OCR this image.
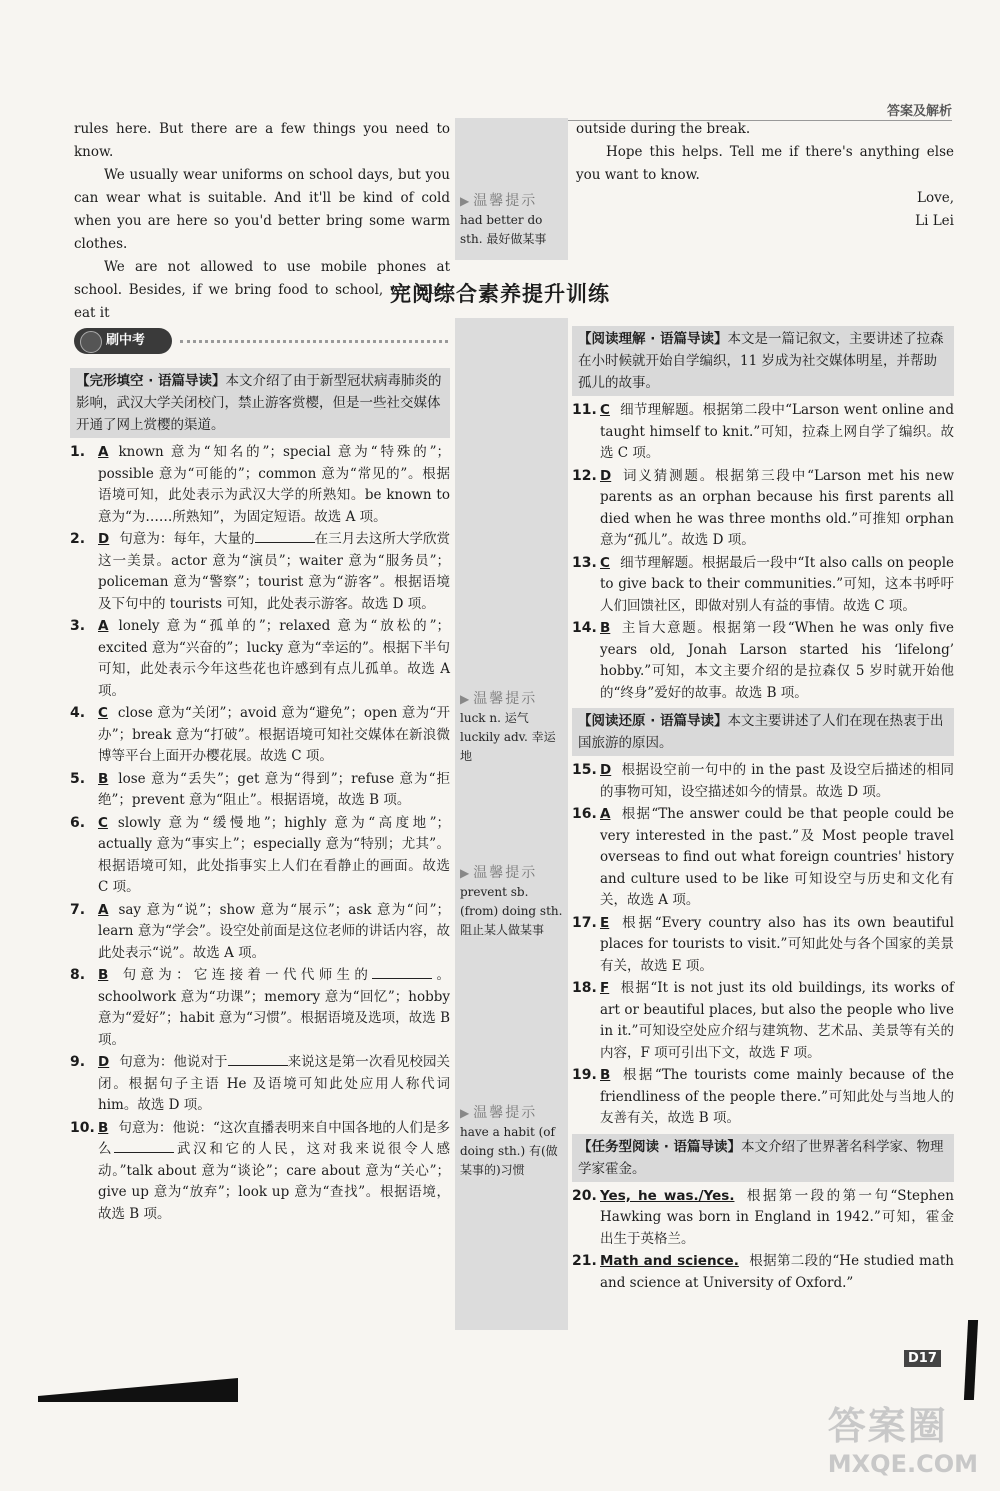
答案及解析

rules here. But there are a few things you need to know.

We usually wear uniforms on school days, but you can wear what is suitable. And it'll be kind of cold when you are here so you'd better bring some warm clothes.

We are not allowed to use mobile phones at school. Besides, if we bring food to school, we must eat it

▶ 温馨提示
had better do sth. 最好做某事

outside during the break.

Hope this helps. Tell me if there's anything else you want to know.

Love,

Li Lei

完阅综合素养提升训练
刷中考
【完形填空 · 语篇导读】本文介绍了由于新型冠状病毒肺炎的影响，武汉大学关闭校门，禁止游客赏樱，但是一些社交媒体开通了网上赏樱的渠道。
1. A known 意为“知名的”；special 意为“特殊的”；possible 意为“可能的”；common 意为“常见的”。根据语境可知，此处表示为武汉大学的所熟知。be known to 意为“为……所熟知”，为固定短语。故选 A 项。
2. D 句意为：每年，大量的	在三月去这所大学欣赏这一美景。actor 意为“演员”；waiter 意为“服务员”；policeman 意为“警察”；tourist 意为“游客”。根据语境及下句中的 tourists 可知，此处表示游客。故选 D 项。
3. A lonely 意为“孤单的”；relaxed 意为“放松的”；excited 意为“兴奋的”；lucky 意为“幸运的”。根据下半句可知，此处表示今年这些花也许感到有点儿孤单。故选 A 项。
4. C close 意为“关闭”；avoid 意为“避免”；open 意为“开办”；break 意为“打破”。根据语境可知社交媒体在新浪微博等平台上面开办樱花展。故选 C 项。
5. B lose 意为“丢失”；get 意为“得到”；refuse 意为“拒绝”；prevent 意为“阻止”。根据语境，故选 B 项。
6. C slowly 意为“缓慢地”；highly 意为“高度地”；actually 意为“事实上”；especially 意为“特别；尤其”。根据语境可知，此处指事实上人们在看静止的画面。故选 C 项。
7. A say 意为“说”；show 意为“展示”；ask 意为“问”；learn 意为“学会”。设空处前面是这位老师的讲话内容，故此处表示“说”。故选 A 项。
8. B 句意为：它连接着一代代师生的	。schoolwork 意为“功课”；memory 意为“回忆”；hobby 意为“爱好”；habit 意为“习惯”。根据语境及选项，故选 B 项。
9. D 句意为：他说对于	来说这是第一次看见校园关闭。根据句子主语 He 及语境可知此处应用人称代词 him。故选 D 项。
10. B 句意为：他说：“这次直播表明来自中国各地的人们是多么	武汉和它的人民，这对我来说很令人感动。”talk about 意为“谈论”；care about 意为“关心”；give up 意为“放弃”；look up 意为“查找”。根据语境，故选 B 项。
▶ 温馨提示
luck n. 运气 luckily adv. 幸运地
▶ 温馨提示
prevent sb. (from) doing sth. 阻止某人做某事
▶ 温馨提示
have a habit (of doing sth.) 有(做某事的)习惯
【阅读理解 · 语篇导读】本文是一篇记叙文，主要讲述了拉森在小时候就开始自学编织，11 岁成为社交媒体明星，并帮助孤儿的故事。
11. C 细节理解题。根据第二段中“Larson went online and taught himself to knit.”可知，拉森上网自学了编织。故选 C 项。
12. D 词义猜测题。根据第三段中“Larson met his new parents as an orphan because his first parents all died when he was three months old.”可推知 orphan 意为“孤儿”。故选 D 项。
13. C 细节理解题。根据最后一段中“It also calls on people to give back to their communities.”可知，这本书呼吁人们回馈社区，即做对别人有益的事情。故选 C 项。
14. B 主旨大意题。根据第一段“When he was only five years old, Jonah Larson started his ‘lifelong’ hobby.”可知，本文主要介绍的是拉森仅 5 岁时就开始他的“终身”爱好的故事。故选 B 项。
【阅读还原 · 语篇导读】本文主要讲述了人们在现在热衷于出国旅游的原因。
15. D 根据设空前一句中的 in the past 及设空后描述的相同的事物可知，设空描述如今的情景。故选 D 项。
16. A 根据“The answer could be that people could be very interested in the past.”及 Most people travel overseas to find out what foreign countries' history and culture used to be like 可知设空与历史和文化有关，故选 A 项。
17. E 根据“Every country also has its own beautiful places for tourists to visit.”可知此处与各个国家的美景有关，故选 E 项。
18. F 根据“It is not just its old buildings, its works of art or beautiful places, but also the people who live in it.”可知设空处应介绍与建筑物、艺术品、美景等有关的内容，F 项可引出下文，故选 F 项。
19. B 根据“The tourists come mainly because of the friendliness of the people there.”可知此处与当地人的友善有关，故选 B 项。
【任务型阅读 · 语篇导读】本文介绍了世界著名科学家、物理学家霍金。
20. Yes, he was./Yes. 根据第一段的第一句“Stephen Hawking was born in England in 1942.”可知，霍金出生于英格兰。
21. Math and science. 根据第二段的“He studied math and science at University of Oxford.”
D17
答案圈
MXQE.COM
